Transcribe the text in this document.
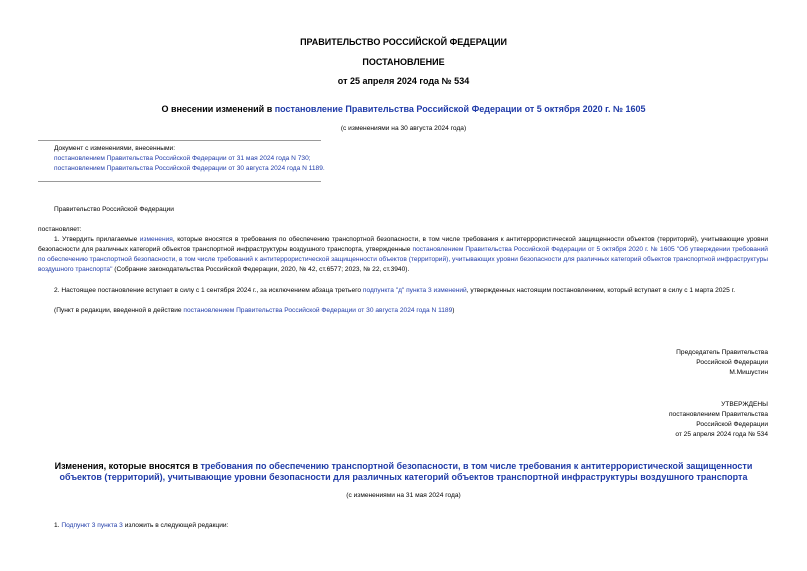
ПРАВИТЕЛЬСТВО РОССИЙСКОЙ ФЕДЕРАЦИИ
ПОСТАНОВЛЕНИЕ
от 25 апреля 2024 года № 534
О внесении изменений в постановление Правительства Российской Федерации от 5 октября 2020 г. № 1605
(с изменениями на 30 августа 2024 года)
Документ с изменениями, внесенными:
постановлением Правительства Российской Федерации от 31 мая 2024 года N 730;
постановлением Правительства Российской Федерации от 30 августа 2024 года N 1189.
Правительство Российской Федерации
постановляет:
1. Утвердить прилагаемые изменения, которые вносятся в требования по обеспечению транспортной безопасности, в том числе требования к антитеррористической защищенности объектов (территорий), учитывающие уровни безопасности для различных категорий объектов транспортной инфраструктуры воздушного транспорта, утвержденные постановлением Правительства Российской Федерации от 5 октября 2020 г. № 1605 "Об утверждении требований по обеспечению транспортной безопасности, в том числе требований к антитеррористической защищенности объектов (территорий), учитывающих уровни безопасности для различных категорий объектов транспортной инфраструктуры воздушного транспорта" (Собрание законодательства Российской Федерации, 2020, № 42, ст.6577; 2023, № 22, ст.3940).
2. Настоящее постановление вступает в силу с 1 сентября 2024 г., за исключением абзаца третьего подпункта "д" пункта 3 изменений, утвержденных настоящим постановлением, который вступает в силу с 1 марта 2025 г.
(Пункт в редакции, введенной в действие постановлением Правительства Российской Федерации от 30 августа 2024 года N 1189)
Председатель Правительства
Российской Федерации
М.Мишустин
УТВЕРЖДЕНЫ
постановлением Правительства
Российской Федерации
от 25 апреля 2024 года № 534
Изменения, которые вносятся в требования по обеспечению транспортной безопасности, в том числе требования к антитеррористической защищенности объектов (территорий), учитывающие уровни безопасности для различных категорий объектов транспортной инфраструктуры воздушного транспорта
(с изменениями на 31 мая 2024 года)
1. Подпункт 3 пункта 3 изложить в следующей редакции:
